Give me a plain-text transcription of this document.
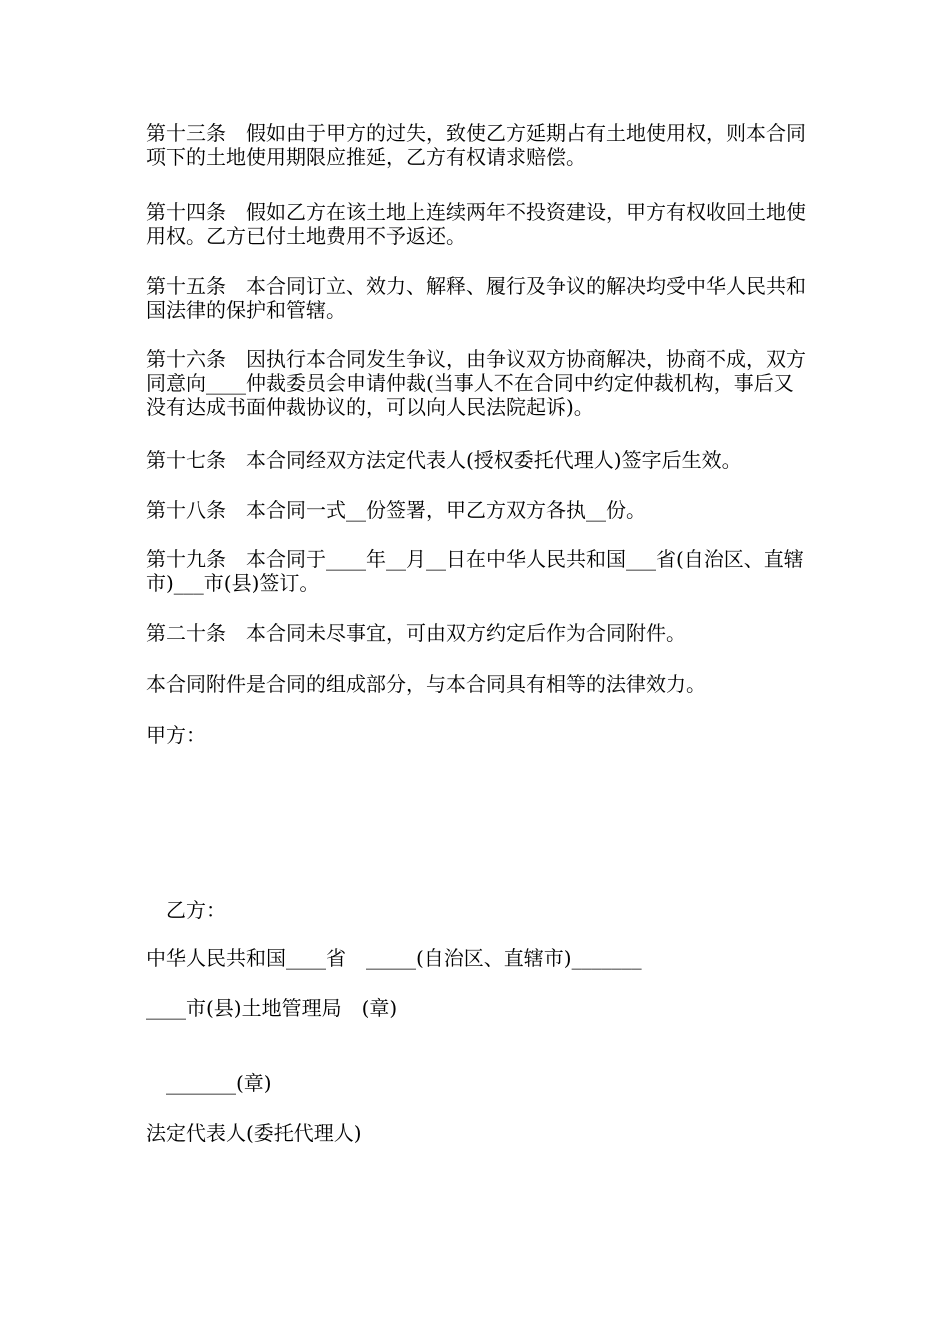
第十三条　假如由于甲方的过失，致使乙方延期占有土地使用权，则本合同项下的土地使用期限应推延，乙方有权请求赔偿。

第十四条　假如乙方在该土地上连续两年不投资建设，甲方有权收回土地使用权。乙方已付土地费用不予返还。

第十五条　本合同订立、效力、解释、履行及争议的解决均受中华人民共和国法律的保护和管辖。

第十六条　因执行本合同发生争议，由争议双方协商解决，协商不成，双方同意向____仲裁委员会申请仲裁(当事人不在合同中约定仲裁机构，事后又没有达成书面仲裁协议的，可以向人民法院起诉)。

第十七条　本合同经双方法定代表人(授权委托代理人)签字后生效。

第十八条　本合同一式__份签署，甲乙方双方各执__份。

第十九条　本合同于____年__月__日在中华人民共和国___省(自治区、直辖市)___市(县)签订。

第二十条　本合同未尽事宜，可由双方约定后作为合同附件。

本合同附件是合同的组成部分，与本合同具有相等的法律效力。

甲方：

　乙方：

中华人民共和国____省　_____(自治区、直辖市)_______

____市(县)土地管理局　(章)

　_______(章)

法定代表人(委托代理人)
